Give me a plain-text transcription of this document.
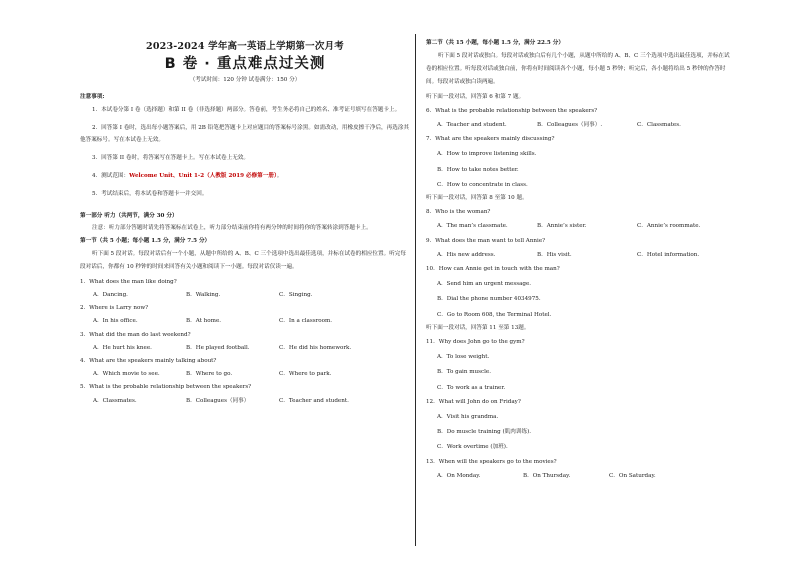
2023-2024 学年高一英语上学期第一次月考
B 卷 · 重点难点过关测
（考试时间：120 分钟 试卷满分：150 分）
注意事项:
1．本试卷分第 I 卷（选择题）和第 II 卷（非选择题）两部分。答卷前，考生务必将自己的姓名、准考证号填写在答题卡上。
2．回答第 I 卷时，选出每小题答案后，用 2B 铅笔把答题卡上对应题目的答案标号涂黑。如需改动，用橡皮擦干净后，再选涂其他答案标号。写在本试卷上无效。
3．回答第 II 卷时，将答案写在答题卡上。写在本试卷上无效。
4．测试范围：Welcome Unit、Unit 1-2（人教版 2019 必修第一册）。
5．考试结束后，将本试卷和答题卡一并交回。
第一部分 听力（共两节，满分 30 分）
注意：听力部分答题时请先将答案标在试卷上，听力部分结束前你将有两分钟的时间将你的答案转涂到答题卡上。
第一节（共 5 小题；每小题 1.5 分，满分 7.5 分）
听下面 5 段对话。每段对话后有一个小题，从题中所给的 A、B、C 三个选项中选出最佳选项，并标在试卷的相应位置。听完每段对话后，你都有 10 秒钟的时间来回答有关小题和阅读下一小题。每段对话仅读一遍。
1．What does the man like doing?
A．Dancing.	B．Walking.	C．Singing.
2．Where is Larry now?
A．In his office.	B．At home.	C．In a classroom.
3．What did the man do last weekend?
A．He hurt his knee.	B．He played football.	C．He did his homework.
4．What are the speakers mainly talking about?
A．Which movie to see.	B．Where to go.	C．Where to park.
5．What is the probable relationship between the speakers?
A．Classmates.	B．Colleagues（同事）	C．Teacher and student.
第二节（共 15 小题，每小题 1.5 分，满分 22.5 分）
听下面 5 段对话或独白。每段对话或独白后有几个小题，从题中所给的 A、B、C 三个选项中选出最佳选项，并标在试卷的相应位置。听每段对话或独白前，你将有时间阅读各个小题，每小题 5 秒钟；听完后，各小题将给出 5 秒钟的作答时间。每段对话或独白读两遍。
听下面一段对话，回答第 6 和第 7 题。
6．What is the probable relationship between the speakers?
A．Teacher and student.	B．Colleagues（同事）.	C．Classmates.
7．What are the speakers mainly discussing?
A．How to improve listening skills.
B．How to take notes better.
C．How to concentrate in class.
听下面一段对话，回答第 8 至第 10 题。
8．Who is the woman?
A．The man’s classmate.	B．Annie’s sister.	C．Annie’s roommate.
9．What does the man want to tell Annie?
A．His new address.	B．His visit.	C．Hotel information.
10．How can Annie get in touch with the man?
A．Send him an urgent message.
B．Dial the phone number 4034975.
C．Go to Room 608, the Terminal Hotel.
听下面一段对话，回答第 11 至第 13题。
11．Why does John go to the gym?
A．To lose weight.
B．To gain muscle.
C．To work as a trainer.
12．What will John do on Friday?
A．Visit his grandma.
B．Do muscle training (肌肉训练).
C．Work overtime (加班).
13．When will the speakers go to the movies?
A．On Monday.	B．On Thursday.	C．On Saturday.
